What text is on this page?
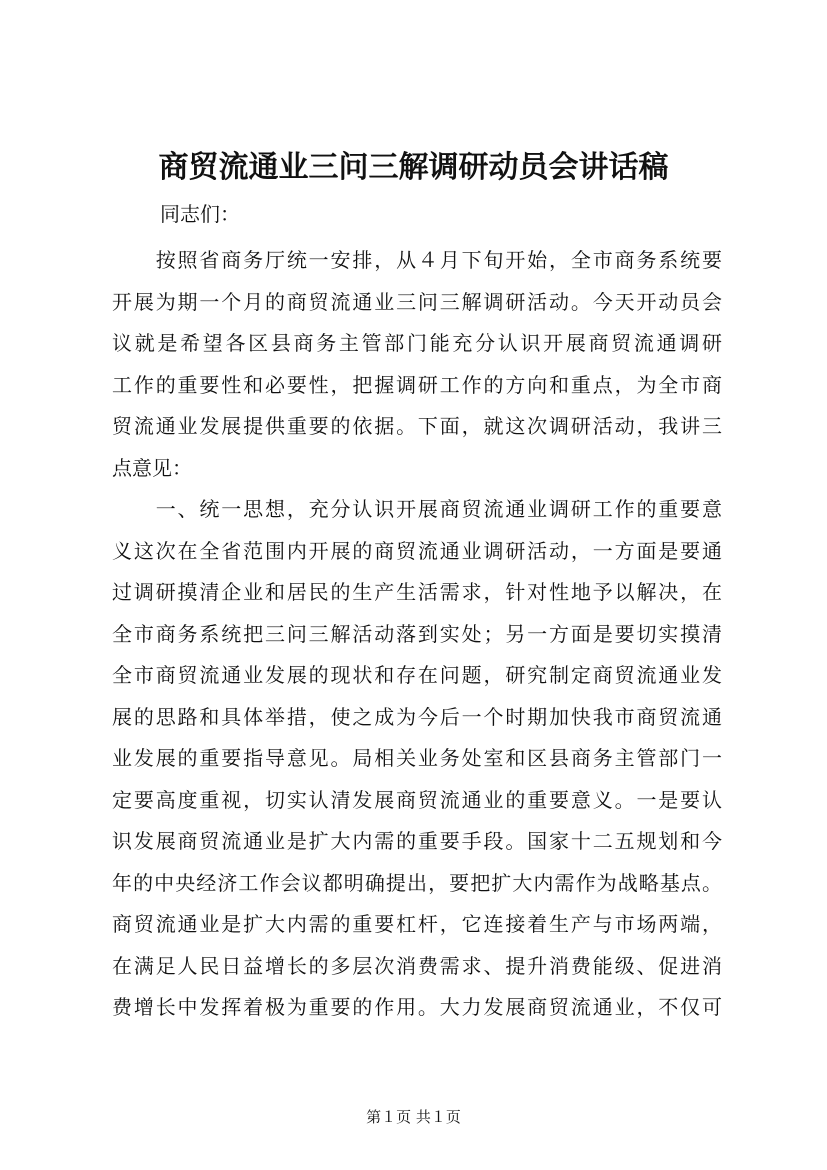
商贸流通业三问三解调研动员会讲话稿
同志们：
　　按照省商务厅统一安排，从４月下旬开始，全市商务系统要
开展为期一个月的商贸流通业三问三解调研活动。今天开动员会
议就是希望各区县商务主管部门能充分认识开展商贸流通调研
工作的重要性和必要性，把握调研工作的方向和重点，为全市商
贸流通业发展提供重要的依据。下面，就这次调研活动，我讲三
点意见：
　　一、统一思想，充分认识开展商贸流通业调研工作的重要意
义这次在全省范围内开展的商贸流通业调研活动，一方面是要通
过调研摸清企业和居民的生产生活需求，针对性地予以解决，在
全市商务系统把三问三解活动落到实处；另一方面是要切实摸清
全市商贸流通业发展的现状和存在问题，研究制定商贸流通业发
展的思路和具体举措，使之成为今后一个时期加快我市商贸流通
业发展的重要指导意见。局相关业务处室和区县商务主管部门一
定要高度重视，切实认清发展商贸流通业的重要意义。一是要认
识发展商贸流通业是扩大内需的重要手段。国家十二五规划和今
年的中央经济工作会议都明确提出，要把扩大内需作为战略基点。
商贸流通业是扩大内需的重要杠杆，它连接着生产与市场两端，
在满足人民日益增长的多层次消费需求、提升消费能级、促进消
费增长中发挥着极为重要的作用。大力发展商贸流通业，不仅可
第１页 共１页
